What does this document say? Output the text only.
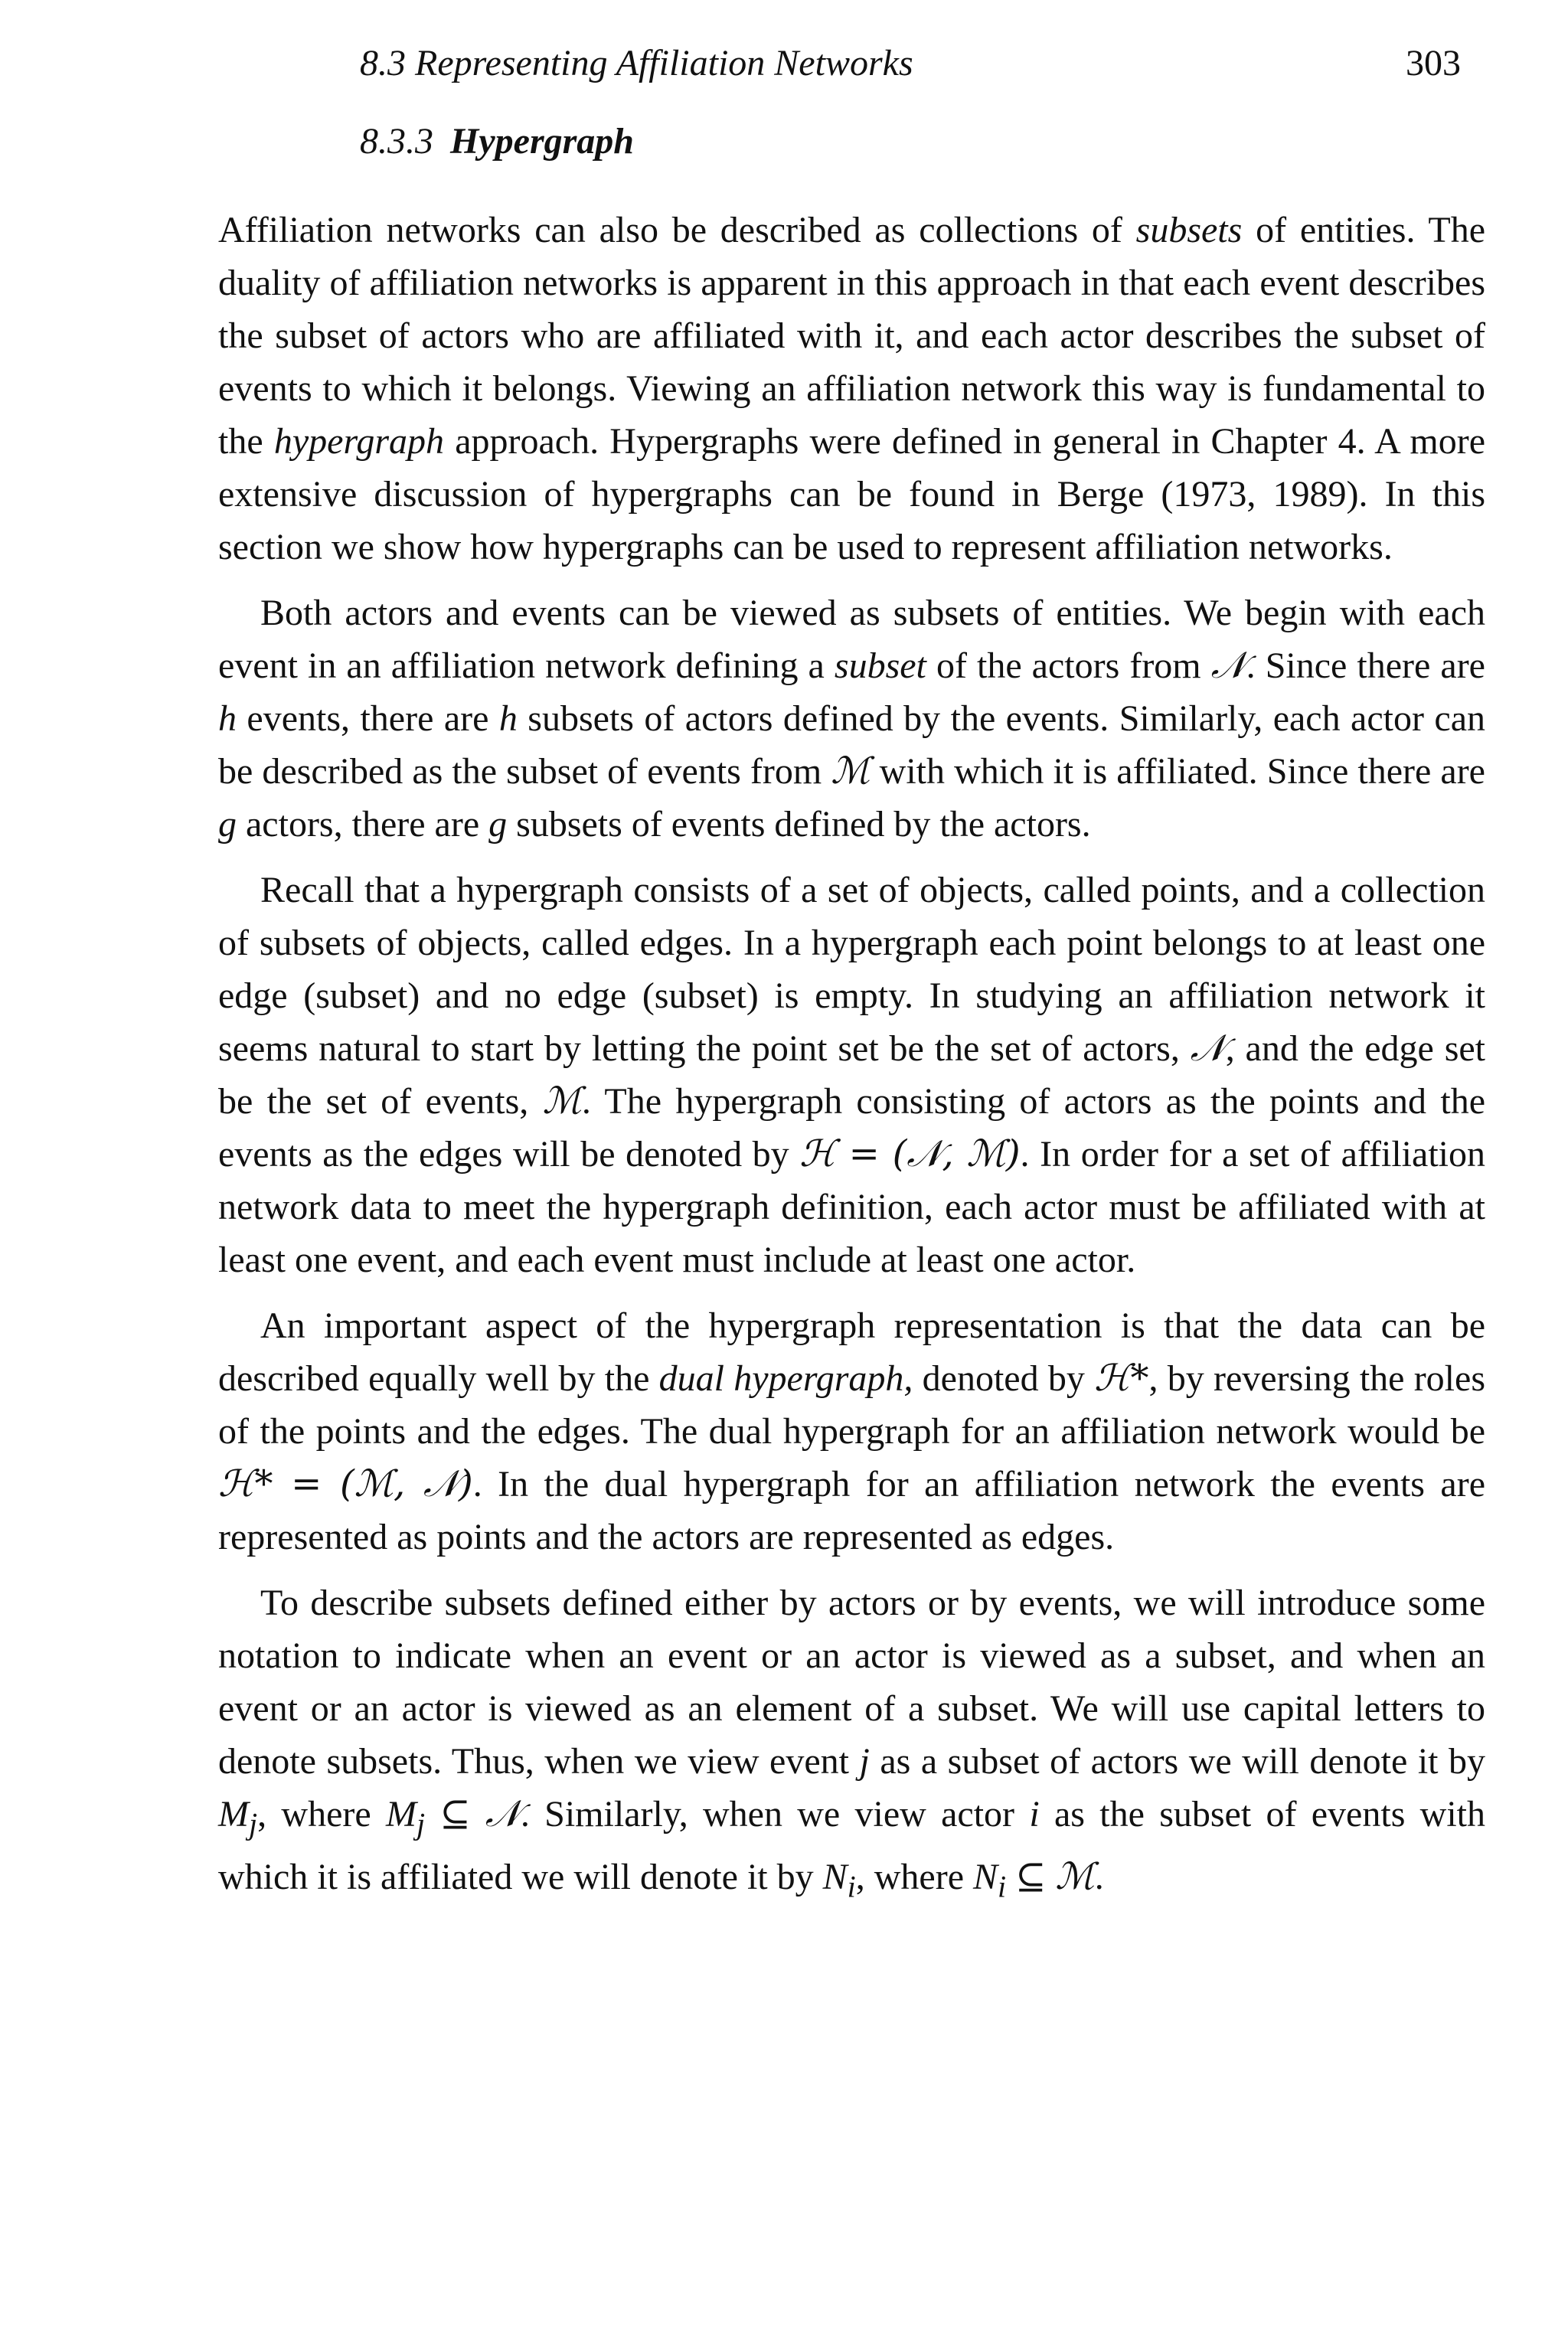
8.3 Representing Affiliation Networks	303
8.3.3 Hypergraph

Affiliation networks can also be described as collections of subsets of entities. The duality of affiliation networks is apparent in this approach in that each event describes the subset of actors who are affiliated with it, and each actor describes the subset of events to which it belongs. Viewing an affiliation network this way is fundamental to the hypergraph approach. Hypergraphs were defined in general in Chapter 4. A more extensive discussion of hypergraphs can be found in Berge (1973, 1989). In this section we show how hypergraphs can be used to represent affiliation networks.

Both actors and events can be viewed as subsets of entities. We begin with each event in an affiliation network defining a subset of the actors from 𝒩. Since there are h events, there are h subsets of actors defined by the events. Similarly, each actor can be described as the subset of events from ℳ with which it is affiliated. Since there are g actors, there are g subsets of events defined by the actors.

Recall that a hypergraph consists of a set of objects, called points, and a collection of subsets of objects, called edges. In a hypergraph each point belongs to at least one edge (subset) and no edge (subset) is empty. In studying an affiliation network it seems natural to start by letting the point set be the set of actors, 𝒩, and the edge set be the set of events, ℳ. The hypergraph consisting of actors as the points and the events as the edges will be denoted by ℋ = (𝒩, ℳ). In order for a set of affiliation network data to meet the hypergraph definition, each actor must be affiliated with at least one event, and each event must include at least one actor.

An important aspect of the hypergraph representation is that the data can be described equally well by the dual hypergraph, denoted by ℋ*, by reversing the roles of the points and the edges. The dual hypergraph for an affiliation network would be ℋ* = (ℳ, 𝒩). In the dual hypergraph for an affiliation network the events are represented as points and the actors are represented as edges.

To describe subsets defined either by actors or by events, we will introduce some notation to indicate when an event or an actor is viewed as a subset, and when an event or an actor is viewed as an element of a subset. We will use capital letters to denote subsets. Thus, when we view event j as a subset of actors we will denote it by $M_j$, where $M_j$ ⊆ 𝒩. Similarly, when we view actor i as the subset of events with which it is affiliated we will denote it by $N_i$, where $N_i$ ⊆ ℳ.
